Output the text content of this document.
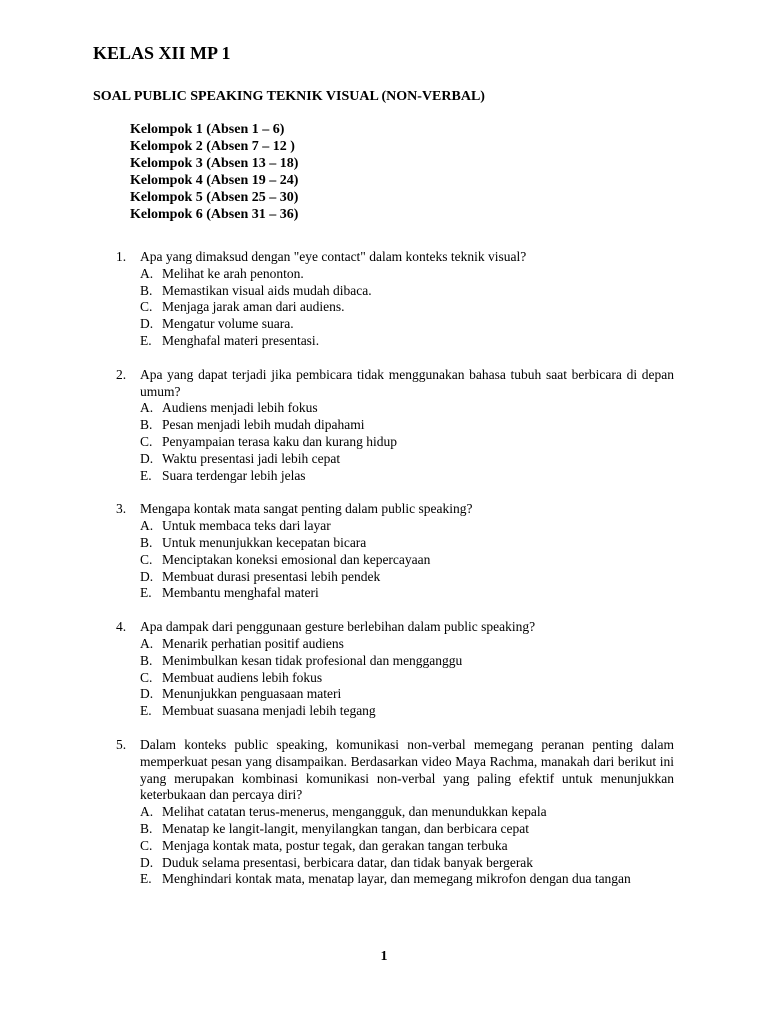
KELAS XII MP 1
SOAL PUBLIC SPEAKING TEKNIK VISUAL (NON-VERBAL)
Kelompok 1 (Absen 1 – 6)
Kelompok 2 (Absen 7 – 12 )
Kelompok 3 (Absen 13 – 18)
Kelompok 4 (Absen 19 – 24)
Kelompok 5 (Absen 25 – 30)
Kelompok 6 (Absen 31 – 36)
1.	Apa yang dimaksud dengan "eye contact" dalam konteks teknik visual?
A. Melihat ke arah penonton.
B. Memastikan visual aids mudah dibaca.
C. Menjaga jarak aman dari audiens.
D. Mengatur volume suara.
E. Menghafal materi presentasi.
2.	Apa yang dapat terjadi jika pembicara tidak menggunakan bahasa tubuh saat berbicara di depan umum?
A. Audiens menjadi lebih fokus
B. Pesan menjadi lebih mudah dipahami
C. Penyampaian terasa kaku dan kurang hidup
D. Waktu presentasi jadi lebih cepat
E. Suara terdengar lebih jelas
3.	Mengapa kontak mata sangat penting dalam public speaking?
A. Untuk membaca teks dari layar
B. Untuk menunjukkan kecepatan bicara
C. Menciptakan koneksi emosional dan kepercayaan
D. Membuat durasi presentasi lebih pendek
E. Membantu menghafal materi
4.	Apa dampak dari penggunaan gesture berlebihan dalam public speaking?
A. Menarik perhatian positif audiens
B. Menimbulkan kesan tidak profesional dan mengganggu
C. Membuat audiens lebih fokus
D. Menunjukkan penguasaan materi
E. Membuat suasana menjadi lebih tegang
5.	Dalam konteks public speaking, komunikasi non-verbal memegang peranan penting dalam memperkuat pesan yang disampaikan. Berdasarkan video Maya Rachma, manakah dari berikut ini yang merupakan kombinasi komunikasi non-verbal yang paling efektif untuk menunjukkan keterbukaan dan percaya diri?
A. Melihat catatan terus-menerus, mengangguk, dan menundukkan kepala
B. Menatap ke langit-langit, menyilangkan tangan, dan berbicara cepat
C. Menjaga kontak mata, postur tegak, dan gerakan tangan terbuka
D. Duduk selama presentasi, berbicara datar, dan tidak banyak bergerak
E. Menghindari kontak mata, menatap layar, dan memegang mikrofon dengan dua tangan
1
